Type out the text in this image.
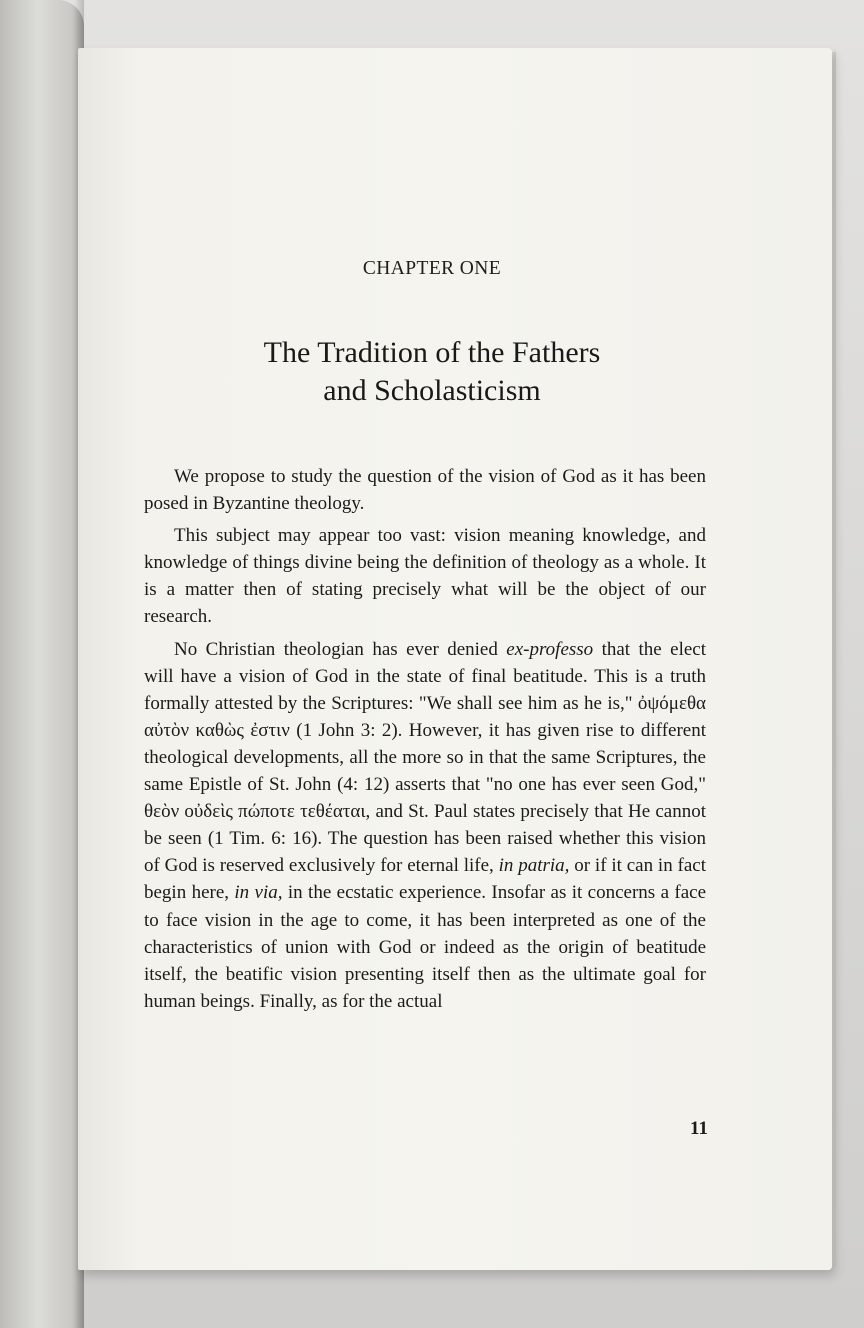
CHAPTER ONE
The Tradition of the Fathers
and Scholasticism

We propose to study the question of the vision of God as it has been posed in Byzantine theology.

This subject may appear too vast: vision meaning knowledge, and knowledge of things divine being the definition of theology as a whole. It is a matter then of stating precisely what will be the object of our research.

No Christian theologian has ever denied ex-professo that the elect will have a vision of God in the state of final beatitude. This is a truth formally attested by the Scriptures: "We shall see him as he is," ὀψόμεθα αὐτὸν καθὼς ἐστιν (1 John 3: 2). However, it has given rise to different theological developments, all the more so in that the same Scriptures, the same Epistle of St. John (4: 12) asserts that "no one has ever seen God," θεὸν οὐδεὶς πώποτε τεθέαται, and St. Paul states precisely that He cannot be seen (1 Tim. 6: 16). The question has been raised whether this vision of God is reserved exclusively for eternal life, in patria, or if it can in fact begin here, in via, in the ecstatic experience. Insofar as it concerns a face to face vision in the age to come, it has been interpreted as one of the characteristics of union with God or indeed as the origin of beatitude itself, the beatific vision presenting itself then as the ultimate goal for human beings. Finally, as for the actual

11
